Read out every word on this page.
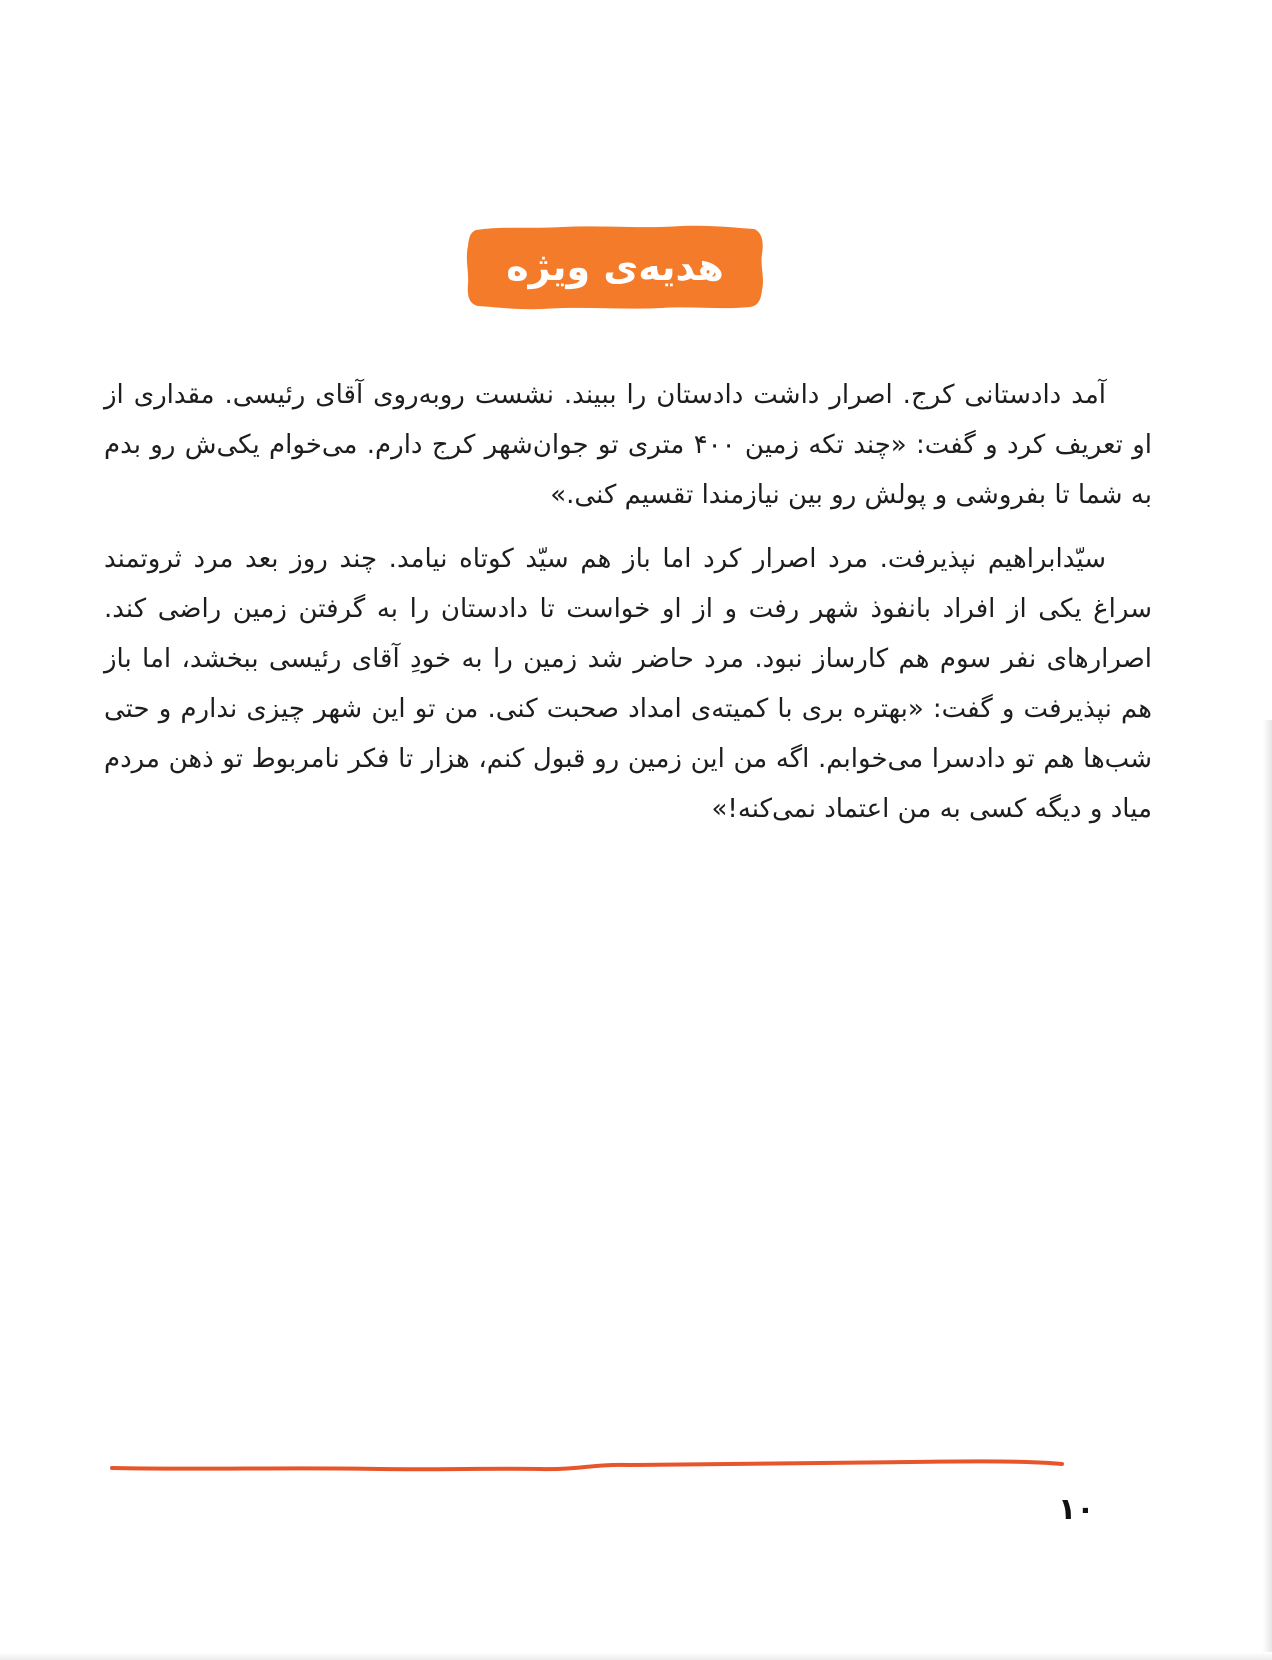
هدیه‌ی ویژه

آمد دادستانی کرج. اصرار داشت دادستان را ببیند. نشست روبه‌روی آقای رئیسی. مقداری از او تعریف کرد و گفت: «چند تکه زمین ۴۰۰ متری تو جوان‌شهر کرج دارم. می‌خوام یکی‌ش رو بدم به شما تا بفروشی و پولش رو بین نیازمندا تقسیم کنی.»

سیّدابراهیم نپذیرفت. مرد اصرار کرد اما باز هم سیّد کوتاه نیامد. چند روز بعد مرد ثروتمند سراغ یکی از افراد بانفوذ شهر رفت و از او خواست تا دادستان را به گرفتن زمین راضی کند. اصرارهای نفر سوم هم کارساز نبود. مرد حاضر شد زمین را به خودِ آقای رئیسی ببخشد، اما باز هم نپذیرفت و گفت: «بهتره بری با کمیته‌ی امداد صحبت کنی. من تو این شهر چیزی ندارم و حتی شب‌ها هم تو دادسرا می‌خوابم. اگه من این زمین رو قبول کنم، هزار تا فکر نامربوط تو ذهن مردم میاد و دیگه کسی به من اعتماد نمی‌کنه!»

۱۰
